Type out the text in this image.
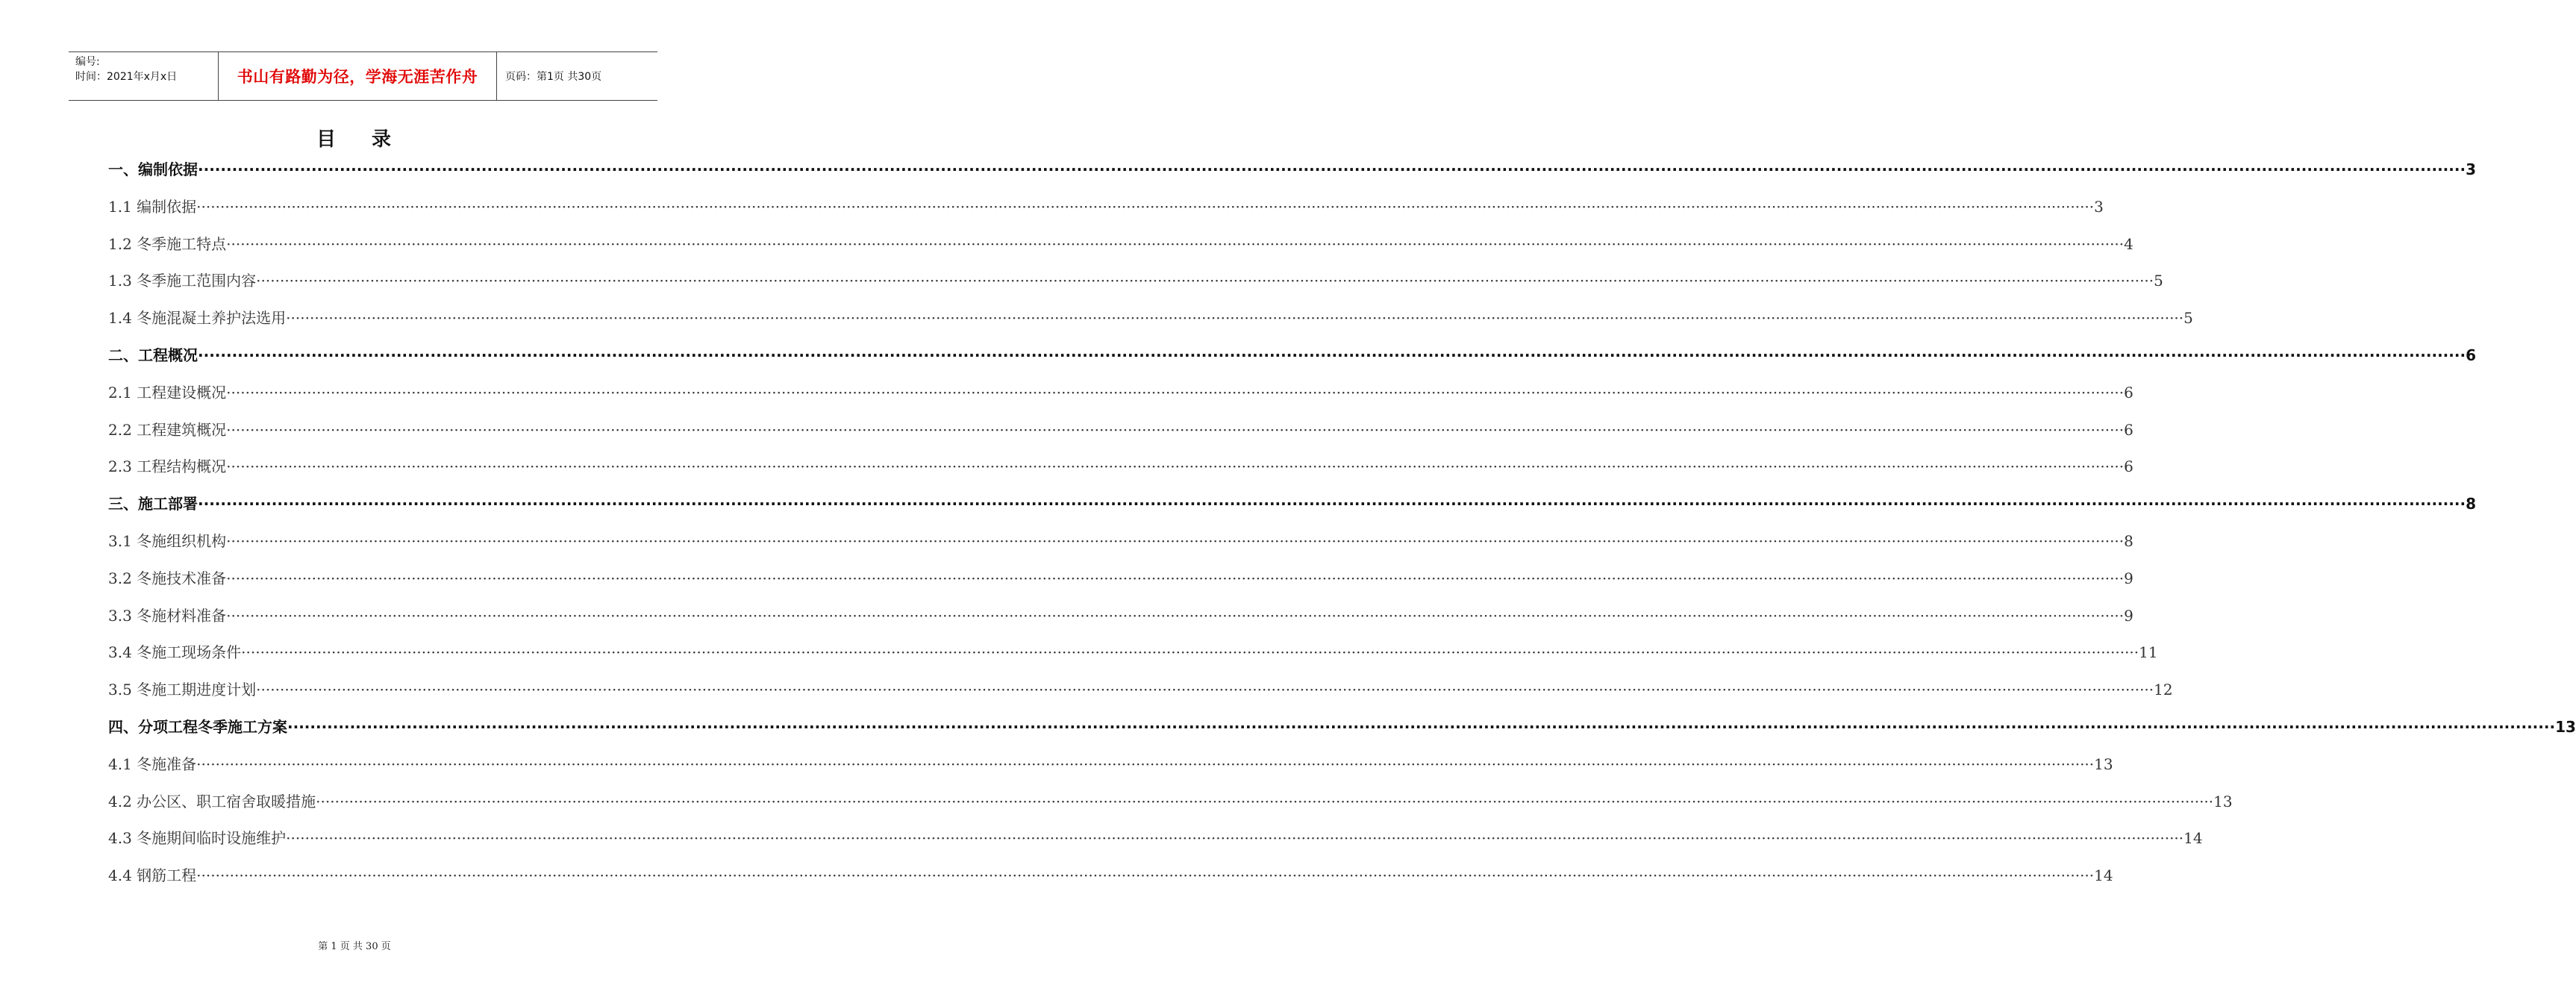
编号:
时间：2021年x月x日	书山有路勤为径，学海无涯苦作舟	页码：第1页 共30页
目 录
一、编制依据 ················································································································································································································································································································································································································ 3
1.1 编制依据 ················································································································································································································································································································································································································ 3
1.2 冬季施工特点 ················································································································································································································································································································································································································ 4
1.3 冬季施工范围内容 ················································································································································································································································································································································································································ 5
1.4 冬施混凝土养护法选用 ················································································································································································································································································································································································································ 5
二、工程概况 ················································································································································································································································································································································································································ 6
2.1 工程建设概况 ················································································································································································································································································································································································································ 6
2.2 工程建筑概况 ················································································································································································································································································································································································································ 6
2.3 工程结构概况 ················································································································································································································································································································································································································ 6
三、施工部署 ················································································································································································································································································································································································································ 8
3.1 冬施组织机构 ················································································································································································································································································································································································································ 8
3.2 冬施技术准备 ················································································································································································································································································································································································································ 9
3.3 冬施材料准备 ················································································································································································································································································································································································································ 9
3.4 冬施工现场条件 ················································································································································································································································································································································································································ 11
3.5 冬施工期进度计划 ················································································································································································································································································································································································································ 12
四、分项工程冬季施工方案 ················································································································································································································································································································································································································ 13
4.1 冬施准备 ················································································································································································································································································································································································································ 13
4.2 办公区、职工宿舍取暖措施 ················································································································································································································································································································································································································ 13
4.3 冬施期间临时设施维护 ················································································································································································································································································································································································································ 14
4.4 钢筋工程 ················································································································································································································································································································································································································ 14
第 1 页 共 30 页
